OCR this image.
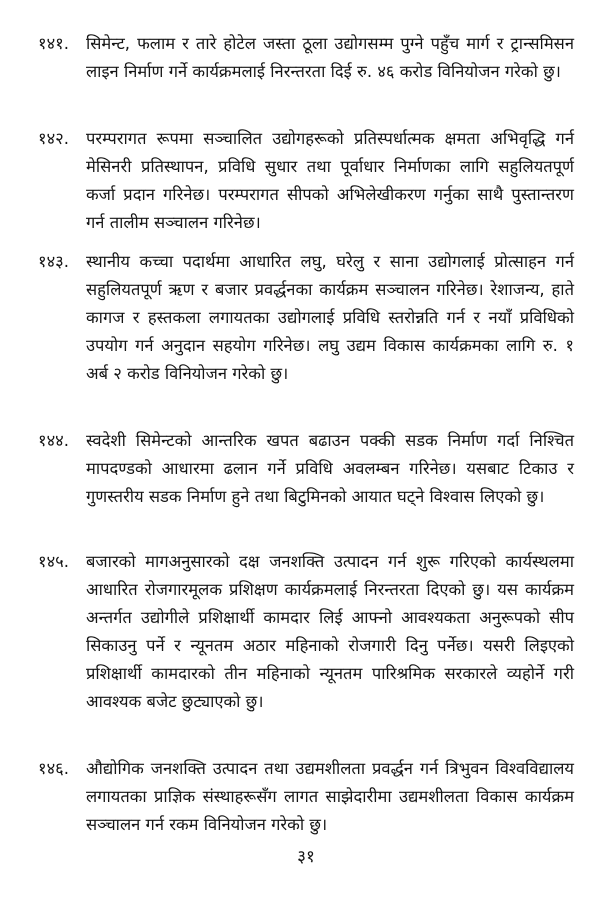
१४१. सिमेन्ट, फलाम र तारे होटेल जस्ता ठूला उद्योगसम्म पुग्ने पहुँच मार्ग र ट्रान्समिसन लाइन निर्माण गर्ने कार्यक्रमलाई निरन्तरता दिई रु. ४६ करोड विनियोजन गरेको छु।
१४२. परम्परागत रूपमा सञ्चालित उद्योगहरूको प्रतिस्पर्धात्मक क्षमता अभिवृद्धि गर्न मेसिनरी प्रतिस्थापन, प्रविधि सुधार तथा पूर्वाधार निर्माणका लागि सहुलियतपूर्ण कर्जा प्रदान गरिनेछ। परम्परागत सीपको अभिलेखीकरण गर्नुका साथै पुस्तान्तरण गर्न तालीम सञ्चालन गरिनेछ।
१४३. स्थानीय कच्चा पदार्थमा आधारित लघु, घरेलु र साना उद्योगलाई प्रोत्साहन गर्न सहुलियतपूर्ण ऋण र बजार प्रवर्द्धनका कार्यक्रम सञ्चालन गरिनेछ। रेशाजन्य, हाते कागज र हस्तकला लगायतका उद्योगलाई प्रविधि स्तरोन्नति गर्न र नयाँ प्रविधिको उपयोग गर्न अनुदान सहयोग गरिनेछ। लघु उद्यम विकास कार्यक्रमका लागि रु. १ अर्ब २ करोड विनियोजन गरेको छु।
१४४. स्वदेशी सिमेन्टको आन्तरिक खपत बढाउन पक्की सडक निर्माण गर्दा निश्चित मापदण्डको आधारमा ढलान गर्ने प्रविधि अवलम्बन गरिनेछ। यसबाट टिकाउ र गुणस्तरीय सडक निर्माण हुने तथा बिटुमिनको आयात घट्ने विश्वास लिएको छु।
१४५. बजारको मागअनुसारको दक्ष जनशक्ति उत्पादन गर्न शुरू गरिएको कार्यस्थलमा आधारित रोजगारमूलक प्रशिक्षण कार्यक्रमलाई निरन्तरता दिएको छु। यस कार्यक्रम अन्तर्गत उद्योगीले प्रशिक्षार्थी कामदार लिई आफ्नो आवश्यकता अनुरूपको सीप सिकाउनु पर्ने र न्यूनतम अठार महिनाको रोजगारी दिनु पर्नेछ। यसरी लिइएको प्रशिक्षार्थी कामदारको तीन महिनाको न्यूनतम पारिश्रमिक सरकारले व्यहोर्ने गरी आवश्यक बजेट छुट्याएको छु।
१४६. औद्योगिक जनशक्ति उत्पादन तथा उद्यमशीलता प्रवर्द्धन गर्न त्रिभुवन विश्वविद्यालय लगायतका प्राज्ञिक संस्थाहरूसँग लागत साझेदारीमा उद्यमशीलता विकास कार्यक्रम सञ्चालन गर्न रकम विनियोजन गरेको छु।
३१
